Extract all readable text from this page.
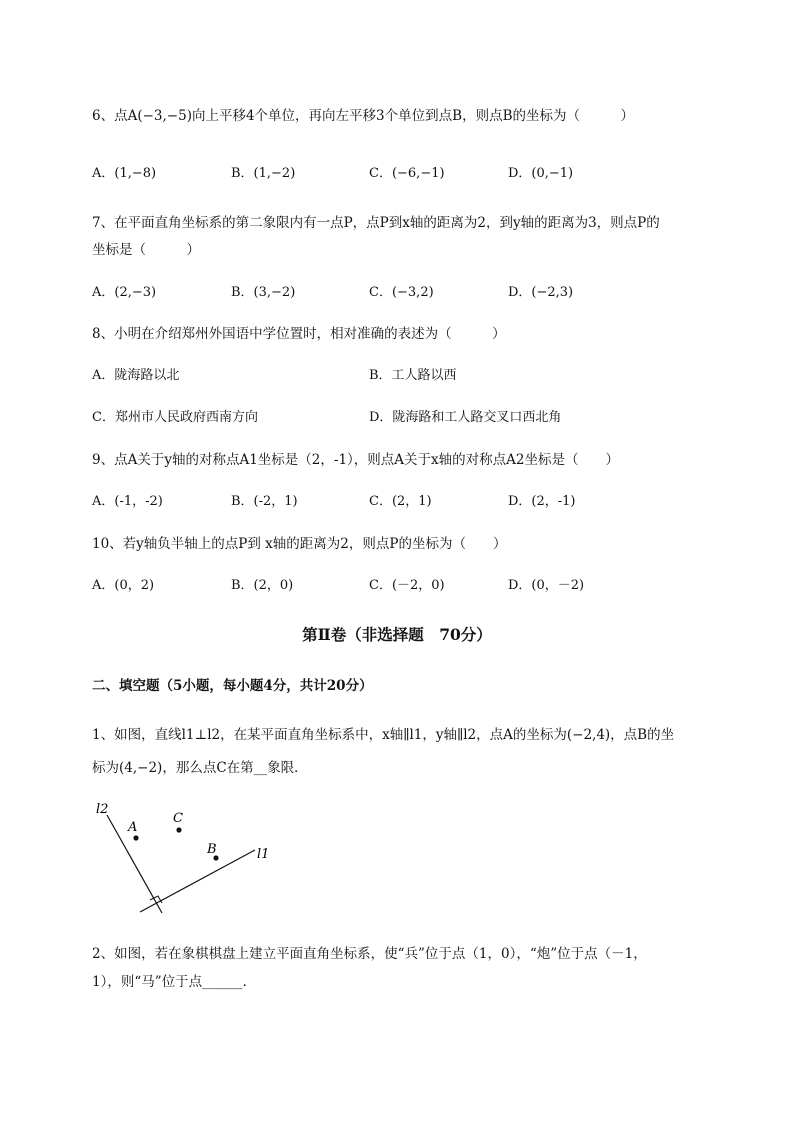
6、点A(−3,−5)向上平移4个单位，再向左平移3个单位到点B，则点B的坐标为（　　　）
A．(1,−8)	B．(1,−2)	C．(−6,−1)	D．(0,−1)
7、在平面直角坐标系的第二象限内有一点P，点P到x轴的距离为2，到y轴的距离为3，则点P的
坐标是（　　　）
A．(2,−3)	B．(3,−2)	C．(−3,2)	D．(−2,3)
8、小明在介绍郑州外国语中学位置时，相对准确的表述为（　　　）
A．陇海路以北	B．工人路以西
C．郑州市人民政府西南方向	D．陇海路和工人路交叉口西北角
9、点A关于y轴的对称点A1坐标是（2，-1），则点A关于x轴的对称点A2坐标是（　　）
A．(-1，-2)	B．(-2，1)	C．(2，1)	D．(2，-1)
10、若y轴负半轴上的点P到 x轴的距离为2，则点P的坐标为（　　）
A．(0，2)	B．(2，0)	C．(－2，0)	D．(0，－2)
第Ⅱ卷（非选择题　70分）
二、填空题（5小题，每小题4分，共计20分）
1、如图，直线l1⊥l2，在某平面直角坐标系中，x轴∥l1，y轴∥l2，点A的坐标为(−2,4)，点B的坐
标为(4,−2)，那么点C在第__象限．
l2
l1
A
C
B
2、如图，若在象棋棋盘上建立平面直角坐标系，使“兵”位于点（1，0），“炮”位于点（－1，
1），则“马”位于点______．
